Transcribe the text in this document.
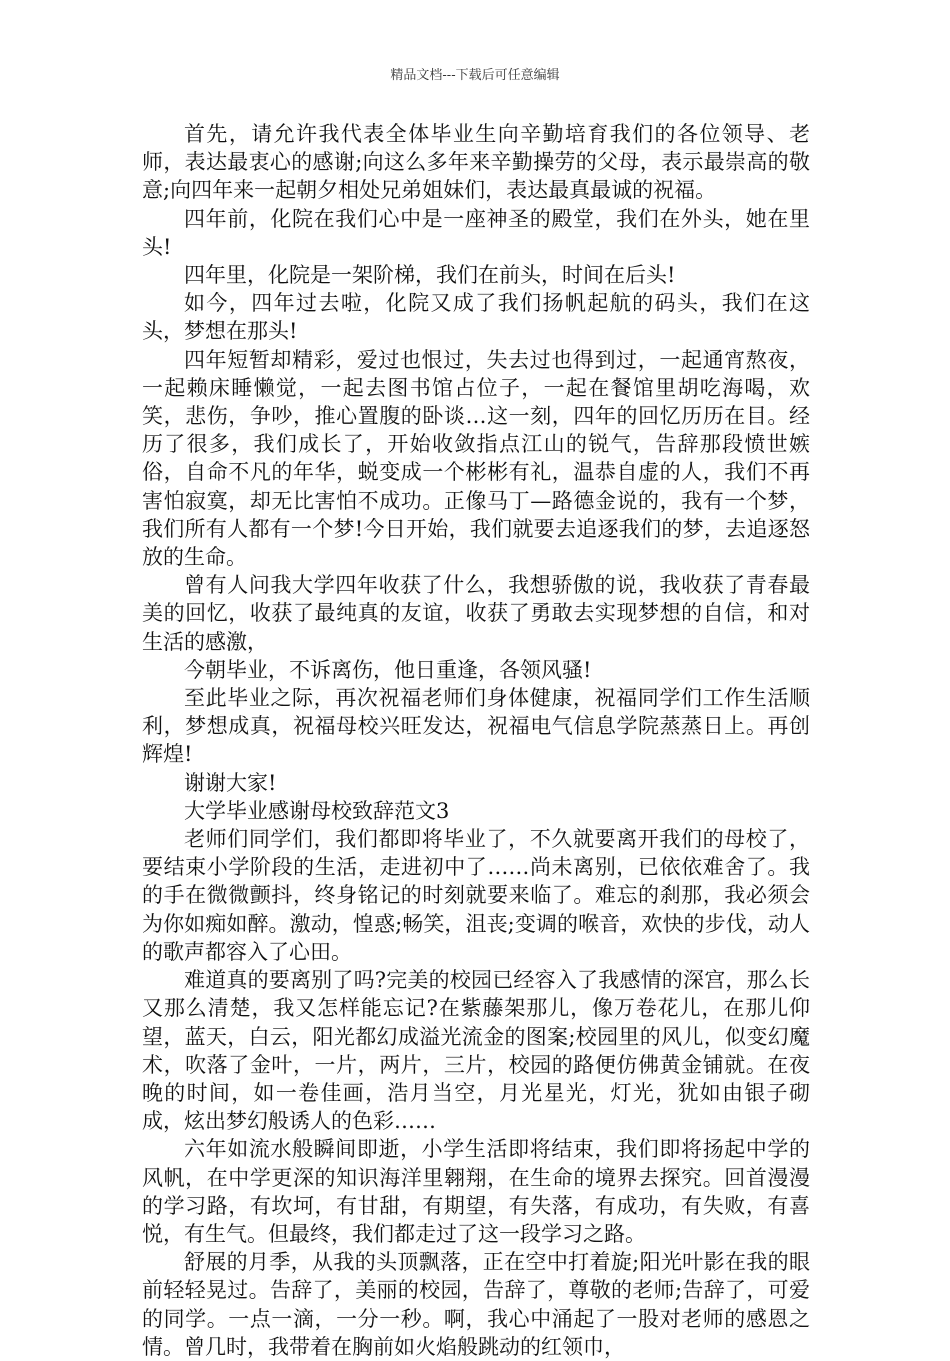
精品文档---下载后可任意编辑

首先，请允许我代表全体毕业生向辛勤培育我们的各位领导、老师，表达最衷心的感谢;向这么多年来辛勤操劳的父母，表示最崇高的敬意;向四年来一起朝夕相处兄弟姐妹们，表达最真最诚的祝福。

四年前，化院在我们心中是一座神圣的殿堂，我们在外头，她在里头!

四年里，化院是一架阶梯，我们在前头，时间在后头!

如今，四年过去啦，化院又成了我们扬帆起航的码头，我们在这头，梦想在那头!

四年短暂却精彩，爱过也恨过，失去过也得到过，一起通宵熬夜，一起赖床睡懒觉，一起去图书馆占位子，一起在餐馆里胡吃海喝，欢笑，悲伤，争吵，推心置腹的卧谈…这一刻，四年的回忆历历在目。经历了很多，我们成长了，开始收敛指点江山的锐气，告辞那段愤世嫉俗，自命不凡的年华，蜕变成一个彬彬有礼，温恭自虚的人，我们不再害怕寂寞，却无比害怕不成功。正像马丁—路德金说的，我有一个梦，我们所有人都有一个梦!今日开始，我们就要去追逐我们的梦，去追逐怒放的生命。

曾有人问我大学四年收获了什么，我想骄傲的说，我收获了青春最美的回忆，收获了最纯真的友谊，收获了勇敢去实现梦想的自信，和对生活的感激，

今朝毕业，不诉离伤，他日重逢，各领风骚!

至此毕业之际，再次祝福老师们身体健康，祝福同学们工作生活顺利，梦想成真，祝福母校兴旺发达，祝福电气信息学院蒸蒸日上。再创辉煌!

谢谢大家!

大学毕业感谢母校致辞范文3

老师们同学们，我们都即将毕业了，不久就要离开我们的母校了，要结束小学阶段的生活，走进初中了……尚未离别，已依依难舍了。我的手在微微颤抖，终身铭记的时刻就要来临了。难忘的刹那，我必须会为你如痴如醉。激动，惶惑;畅笑，沮丧;变调的喉音，欢快的步伐，动人的歌声都容入了心田。

难道真的要离别了吗?完美的校园已经容入了我感情的深宫，那么长又那么清楚，我又怎样能忘记?在紫藤架那儿，像万卷花儿，在那儿仰望，蓝天，白云，阳光都幻成溢光流金的图案;校园里的风儿，似变幻魔术，吹落了金叶，一片，两片，三片，校园的路便仿佛黄金铺就。在夜晚的时间，如一卷佳画，浩月当空，月光星光，灯光，犹如由银子砌成，炫出梦幻般诱人的色彩……

六年如流水般瞬间即逝，小学生活即将结束，我们即将扬起中学的风帆，在中学更深的知识海洋里翱翔，在生命的境界去探究。回首漫漫的学习路，有坎坷，有甘甜，有期望，有失落，有成功，有失败，有喜悦，有生气。但最终，我们都走过了这一段学习之路。

舒展的月季，从我的头顶飘落，正在空中打着旋;阳光叶影在我的眼前轻轻晃过。告辞了，美丽的校园，告辞了，尊敬的老师;告辞了，可爱的同学。一点一滴，一分一秒。啊，我心中涌起了一股对老师的感恩之情。曾几时，我带着在胸前如火焰般跳动的红领巾，
